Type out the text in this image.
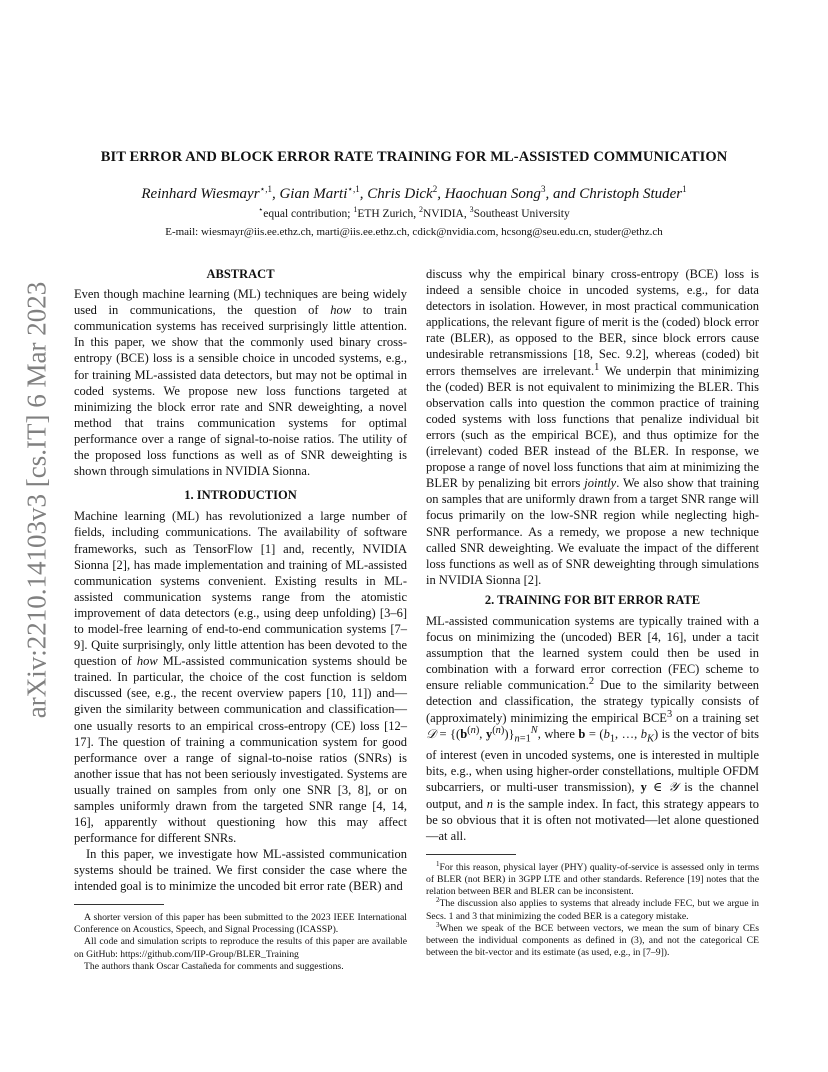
arXiv:2210.14103v3 [cs.IT] 6 Mar 2023
BIT ERROR AND BLOCK ERROR RATE TRAINING FOR ML-ASSISTED COMMUNICATION
Reinhard Wiesmayr$^{⋆,1}$, Gian Marti$^{⋆,1}$, Chris Dick$^2$, Haochuan Song$^3$, and Christoph Studer$^1$
⋆equal contribution; $^1$ETH Zurich, $^2$NVIDIA, $^3$Southeast University
E-mail: wiesmayr@iis.ee.ethz.ch, marti@iis.ee.ethz.ch, cdick@nvidia.com, hcsong@seu.edu.cn, studer@ethz.ch
ABSTRACT

Even though machine learning (ML) techniques are being widely used in communications, the question of how to train communication systems has received surprisingly little attention. In this paper, we show that the commonly used binary cross-entropy (BCE) loss is a sensible choice in uncoded systems, e.g., for training ML-assisted data detectors, but may not be optimal in coded systems. We propose new loss functions targeted at minimizing the block error rate and SNR deweighting, a novel method that trains communication systems for optimal performance over a range of signal-to-noise ratios. The utility of the proposed loss functions as well as of SNR deweighting is shown through simulations in NVIDIA Sionna.

1. INTRODUCTION

Machine learning (ML) has revolutionized a large number of fields, including communications. The availability of software frameworks, such as TensorFlow [1] and, recently, NVIDIA Sionna [2], has made implementation and training of ML-assisted communication systems convenient. Existing results in ML-assisted communication systems range from the atomistic improvement of data detectors (e.g., using deep unfolding) [3–6] to model-free learning of end-to-end communication systems [7–9]. Quite surprisingly, only little attention has been devoted to the question of how ML-assisted communication systems should be trained. In particular, the choice of the cost function is seldom discussed (see, e.g., the recent overview papers [10, 11]) and—given the similarity between communication and classification—one usually resorts to an empirical cross-entropy (CE) loss [12–17]. The question of training a communication system for good performance over a range of signal-to-noise ratios (SNRs) is another issue that has not been seriously investigated. Systems are usually trained on samples from only one SNR [3, 8], or on samples uniformly drawn from the targeted SNR range [4, 14, 16], apparently without questioning how this may affect performance for different SNRs.

In this paper, we investigate how ML-assisted communication systems should be trained. We first consider the case where the intended goal is to minimize the uncoded bit error rate (BER) and

discuss why the empirical binary cross-entropy (BCE) loss is indeed a sensible choice in uncoded systems, e.g., for data detectors in isolation. However, in most practical communication applications, the relevant figure of merit is the (coded) block error rate (BLER), as opposed to the BER, since block errors cause undesirable retransmissions [18, Sec. 9.2], whereas (coded) bit errors themselves are irrelevant.$^1$ We underpin that minimizing the (coded) BER is not equivalent to minimizing the BLER. This observation calls into question the common practice of training coded systems with loss functions that penalize individual bit errors (such as the empirical BCE), and thus optimize for the (irrelevant) coded BER instead of the BLER. In response, we propose a range of novel loss functions that aim at minimizing the BLER by penalizing bit errors jointly. We also show that training on samples that are uniformly drawn from a target SNR range will focus primarily on the low-SNR region while neglecting high-SNR performance. As a remedy, we propose a new technique called SNR deweighting. We evaluate the impact of the different loss functions as well as of SNR deweighting through simulations in NVIDIA Sionna [2].

2. TRAINING FOR BIT ERROR RATE

ML-assisted communication systems are typically trained with a focus on minimizing the (uncoded) BER [4, 16], under a tacit assumption that the learned system could then be used in combination with a forward error correction (FEC) scheme to ensure reliable communication.$^2$ Due to the similarity between detection and classification, the strategy typically consists of (approximately) minimizing the empirical BCE$^3$ on a training set 𝒟 = {($b^{(n)}$, $y^{(n)})\}_{n=1}^N$, where $b = (b_1$, …, $b_K$) is the vector of bits of interest (even in uncoded systems, one is interested in multiple bits, e.g., when using higher-order constellations, multiple OFDM subcarriers, or multi-user transmission), y ∈ 𝒴 is the channel output, and n is the sample index. In fact, this strategy appears to be so obvious that it is often not motivated—let alone questioned—at all.

$^1$For this reason, physical layer (PHY) quality-of-service is assessed only in terms of BLER (not BER) in 3GPP LTE and other standards. Reference [19] notes that the relation between BER and BLER can be inconsistent.

$^2$The discussion also applies to systems that already include FEC, but we argue in Secs. 1 and 3 that minimizing the coded BER is a category mistake.

$^3$When we speak of the BCE between vectors, we mean the sum of binary CEs between the individual components as defined in (3), and not the categorical CE between the bit-vector and its estimate (as used, e.g., in [7–9]).

A shorter version of this paper has been submitted to the 2023 IEEE International Conference on Acoustics, Speech, and Signal Processing (ICASSP).

All code and simulation scripts to reproduce the results of this paper are available on GitHub: https://github.com/IIP-Group/BLER_Training

The authors thank Oscar Castañeda for comments and suggestions.
